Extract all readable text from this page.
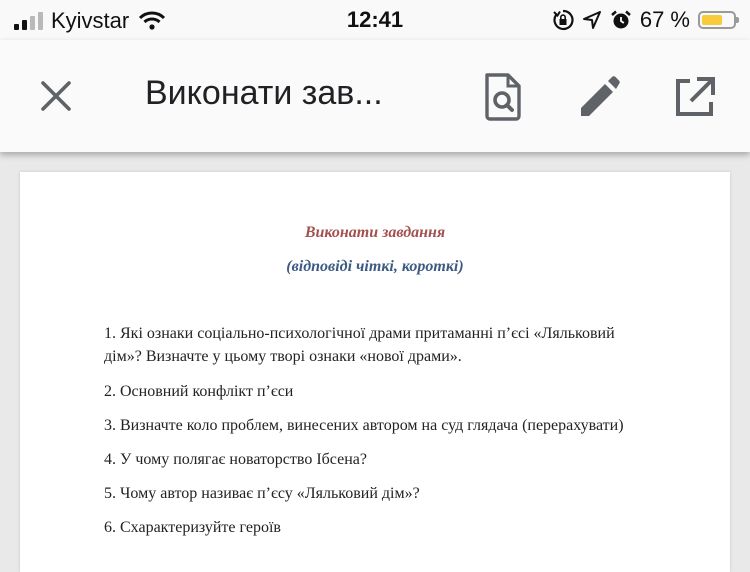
Kyivstar	12:41	67 %
Виконати зав...
Виконати завдання
(відповіді чіткі, короткі)
1. Які ознаки соціально-психологічної драми притаманні п’єсі «Ляльковий
дім»? Визначте у цьому творі ознаки «нової драми».
2. Основний конфлікт п’єси
3. Визначте коло проблем, винесених автором на суд глядача (перерахувати)
4. У чому полягає новаторство Ібсена?
5. Чому автор називає п’єсу «Ляльковий дім»?
6. Схарактеризуйте героїв
